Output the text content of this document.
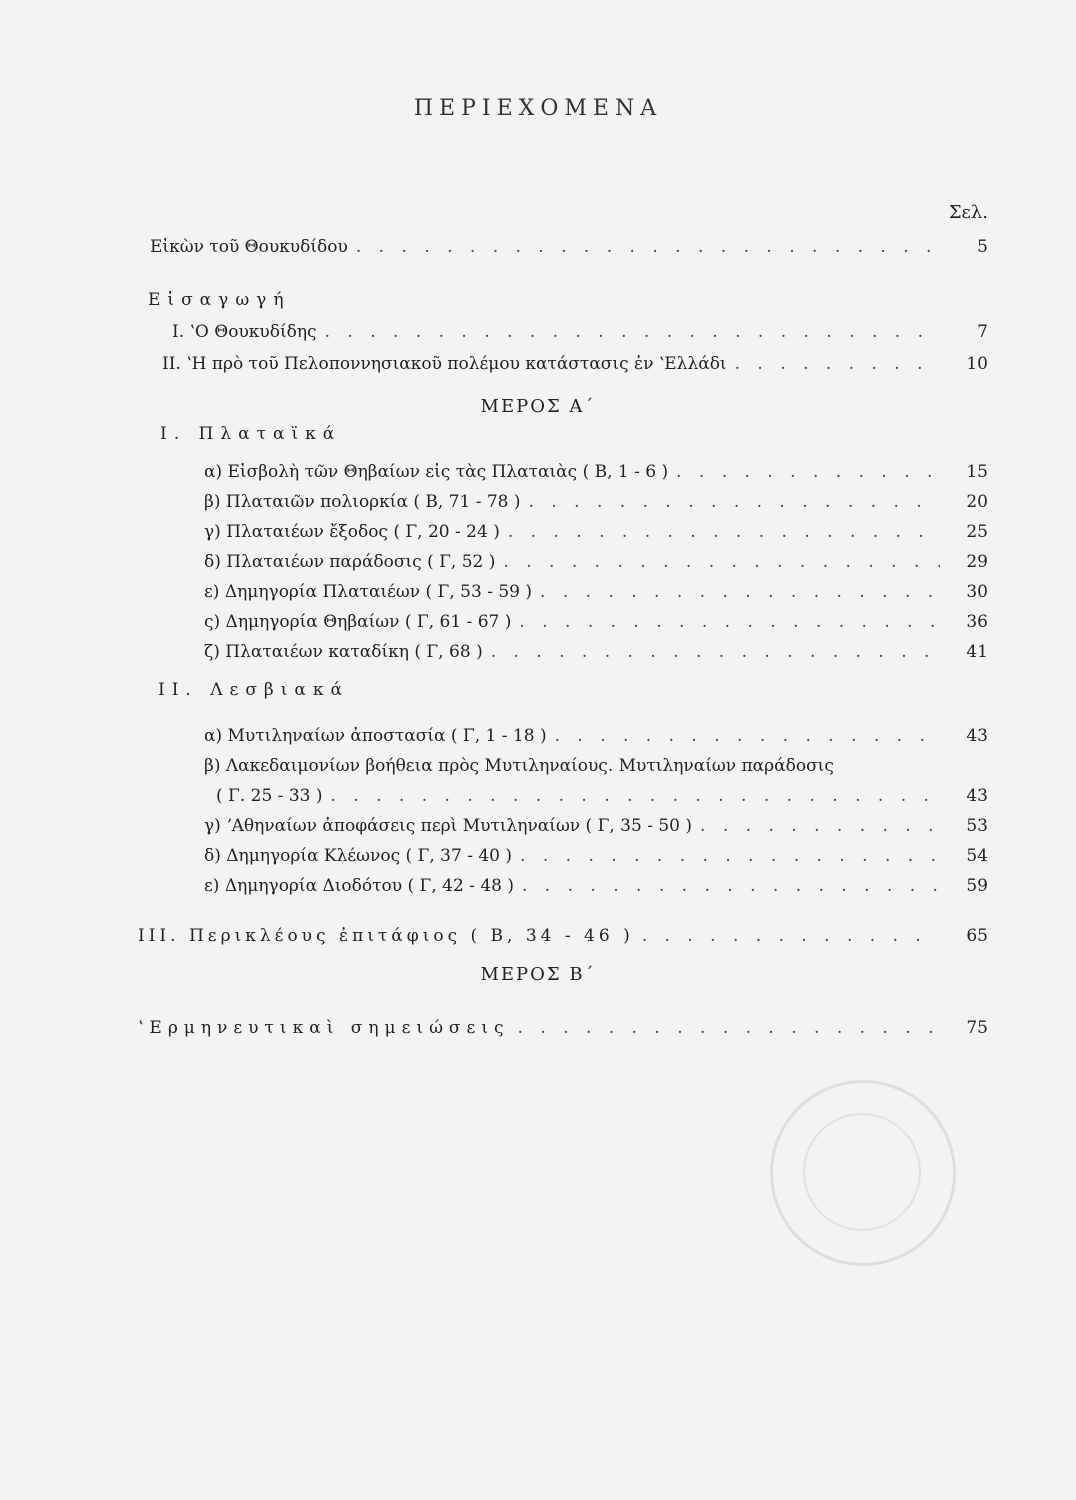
ΠΕΡΙΕΧΟΜΕΝΑ
Σελ.
Εἰκὼν τοῦ Θουκυδίδου . . .	5
Εἰσαγωγή
I. ʽΟ Θουκυδίδης . . .	7
II. ʽΗ πρὸ τοῦ Πελοποννησιακοῦ πολέμου κατάστασις ἐν ʽΕλλάδι . . .	10
ΜΕΡΟΣ Α΄
I. Πλαταϊκά
α) Εἰσβολὴ τῶν Θηβαίων εἰς τὰς Πλαταιὰς ( Β, 1 - 6 ) . . .	15
β) Πλαταιῶν πολιορκία ( Β, 71 - 78 ) . . .	20
γ) Πλαταιέων ἔξοδος ( Γ, 20 - 24 ) . . .	25
δ) Πλαταιέων παράδοσις ( Γ, 52 ) . . .	29
ε) Δημηγορία Πλαταιέων ( Γ, 53 - 59 ) . . .	30
ς) Δημηγορία Θηβαίων ( Γ, 61 - 67 ) . . .	36
ζ) Πλαταιέων καταδίκη ( Γ, 68 ) . . .	41
II. Λεσβιακά
α) Μυτιληναίων ἀποστασία ( Γ, 1 - 18 ) . . .	43
β) Λακεδαιμονίων βοήθεια πρὸς Μυτιληναίους. Μυτιληναίων παράδοσις
( Γ. 25 - 33 ) . . .	43
γ) ʼΑθηναίων ἀποφάσεις περὶ Μυτιληναίων ( Γ, 35 - 50 ) . . .	53
δ) Δημηγορία Κλέωνος ( Γ, 37 - 40 ) . . .	54
ε) Δημηγορία Διοδότου ( Γ, 42 - 48 ) . . .	59
III. Περικλέους ἐπιτάφιος ( Β, 34 - 46 ) . . .	65
ΜΕΡΟΣ Β΄
ʽΕρμηνευτικαὶ σημειώσεις . . .	75
